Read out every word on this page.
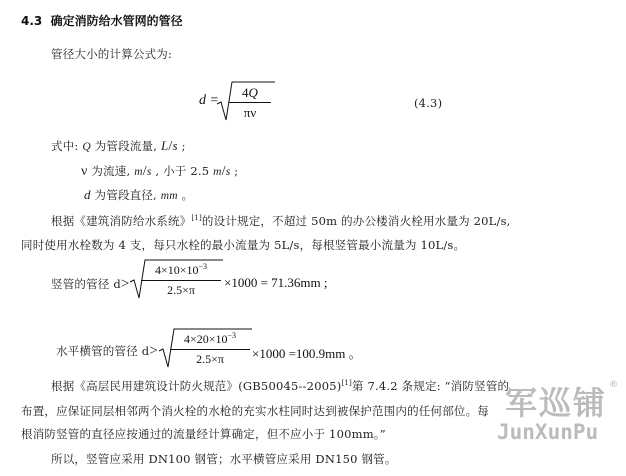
4.3 确定消防给水管网的管径
管径大小的计算公式为:
d =
4Q
πν
(4.3)
式中: Q 为管段流量, L/s ;
ν 为流速, m/s , 小于 2.5 m/s ;
d 为管段直径, mm 。
根据《建筑消防给水系统》[1]的设计规定，不超过 50m 的办公楼消火栓用水量为 20L/s,
同时使用水栓数为 4 支，每只水栓的最小流量为 5L/s，每根竖管最小流量为 10L/s。
竖管的管径 d>
$4\times 10\times 10^{-3}$
2.5×π	×1000 = 71.36mm ;
水平横管的管径 d>
$4\times 20\times 10^{-3}$
2.5×π	×1000 =100.9mm 。
根据《高层民用建筑设计防火规范》(GB50045--2005)[1]第 7.4.2 条规定: “消防竖管的
布置，应保证同层相邻两个消火栓的水枪的充实水柱同时达到被保护范围内的任何部位。每
根消防竖管的直径应按通过的流量经计算确定，但不应小于 100mm。”
所以，竖管应采用 DN100 钢管；水平横管应采用 DN150 钢管。
军巡铺 ®
JunXunPu
